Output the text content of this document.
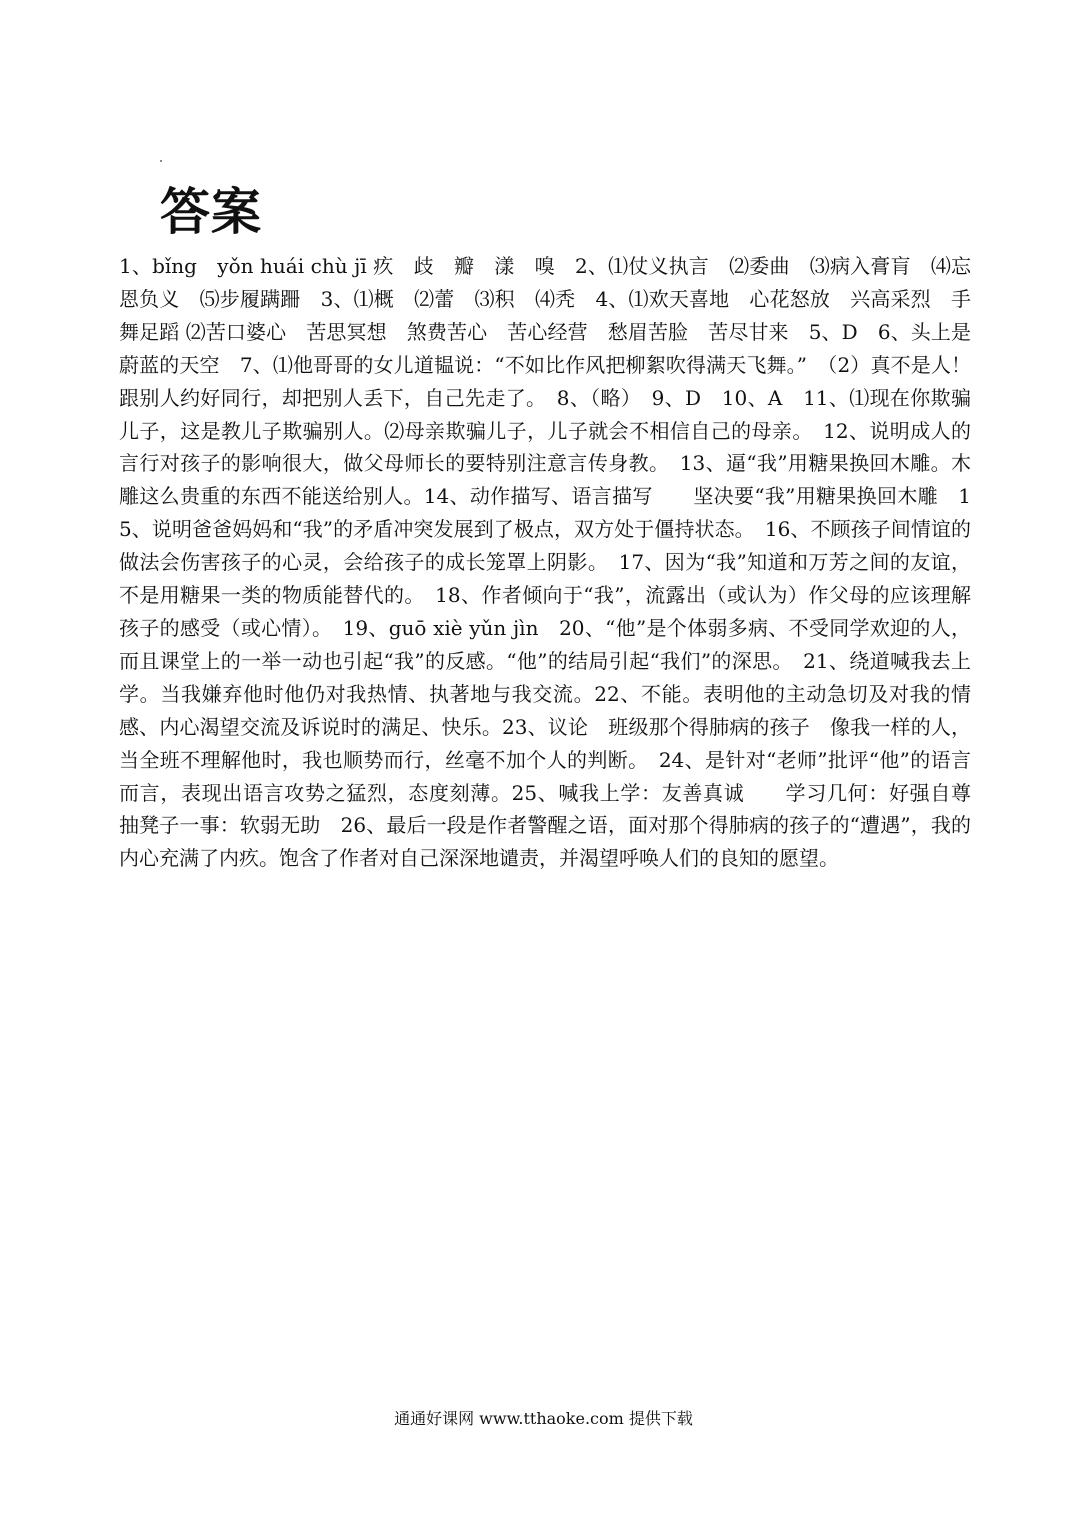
答案

1、bǐng　yǒn huái chù jī 疚　歧　瓣　漾　嗅　2、⑴仗义执言　⑵委曲　⑶病入膏肓　⑷忘恩负义　⑸步履蹒跚　3、⑴概　⑵蕾　⑶积　⑷秃　4、⑴欢天喜地　心花怒放　兴高采烈　手舞足蹈 ⑵苦口婆心　苦思冥想　煞费苦心　苦心经营　愁眉苦脸　苦尽甘来　5、D　6、头上是蔚蓝的天空　7、⑴他哥哥的女儿道韫说：“不如比作风把柳絮吹得满天飞舞。”　（2）真不是人！跟别人约好同行，却把别人丢下，自己先走了。　8、（略）　9、D　10、A　11、⑴现在你欺骗儿子，这是教儿子欺骗别人。⑵母亲欺骗儿子，儿子就会不相信自己的母亲。　12、说明成人的言行对孩子的影响很大，做父母师长的要特别注意言传身教。　13、逼“我”用糖果换回木雕。木雕这么贵重的东西不能送给别人。14、动作描写、语言描写　　坚决要“我”用糖果换回木雕　15、说明爸爸妈妈和“我”的矛盾冲突发展到了极点，双方处于僵持状态。　16、不顾孩子间情谊的做法会伤害孩子的心灵，会给孩子的成长笼罩上阴影。　17、因为“我”知道和万芳之间的友谊，不是用糖果一类的物质能替代的。　18、作者倾向于“我”，流露出（或认为）作父母的应该理解孩子的感受（或心情）。　19、guō xiè yǔn jìn　20、“他”是个体弱多病、不受同学欢迎的人，而且课堂上的一举一动也引起“我”的反感。“他”的结局引起“我们”的深思。　21、绕道喊我去上学。当我嫌弃他时他仍对我热情、执著地与我交流。22、不能。表明他的主动急切及对我的情感、内心渴望交流及诉说时的满足、快乐。23、议论　班级那个得肺病的孩子　像我一样的人，当全班不理解他时，我也顺势而行，丝毫不加个人的判断。　24、是针对“老师”批评“他”的语言而言，表现出语言攻势之猛烈，态度刻薄。25、喊我上学：友善真诚　　学习几何：好强自尊　　抽凳子一事：软弱无助　26、最后一段是作者警醒之语，面对那个得肺病的孩子的“遭遇”，我的内心充满了内疚。饱含了作者对自己深深地谴责，并渴望呼唤人们的良知的愿望。

通通好课网 www.tthaoke.com 提供下载
